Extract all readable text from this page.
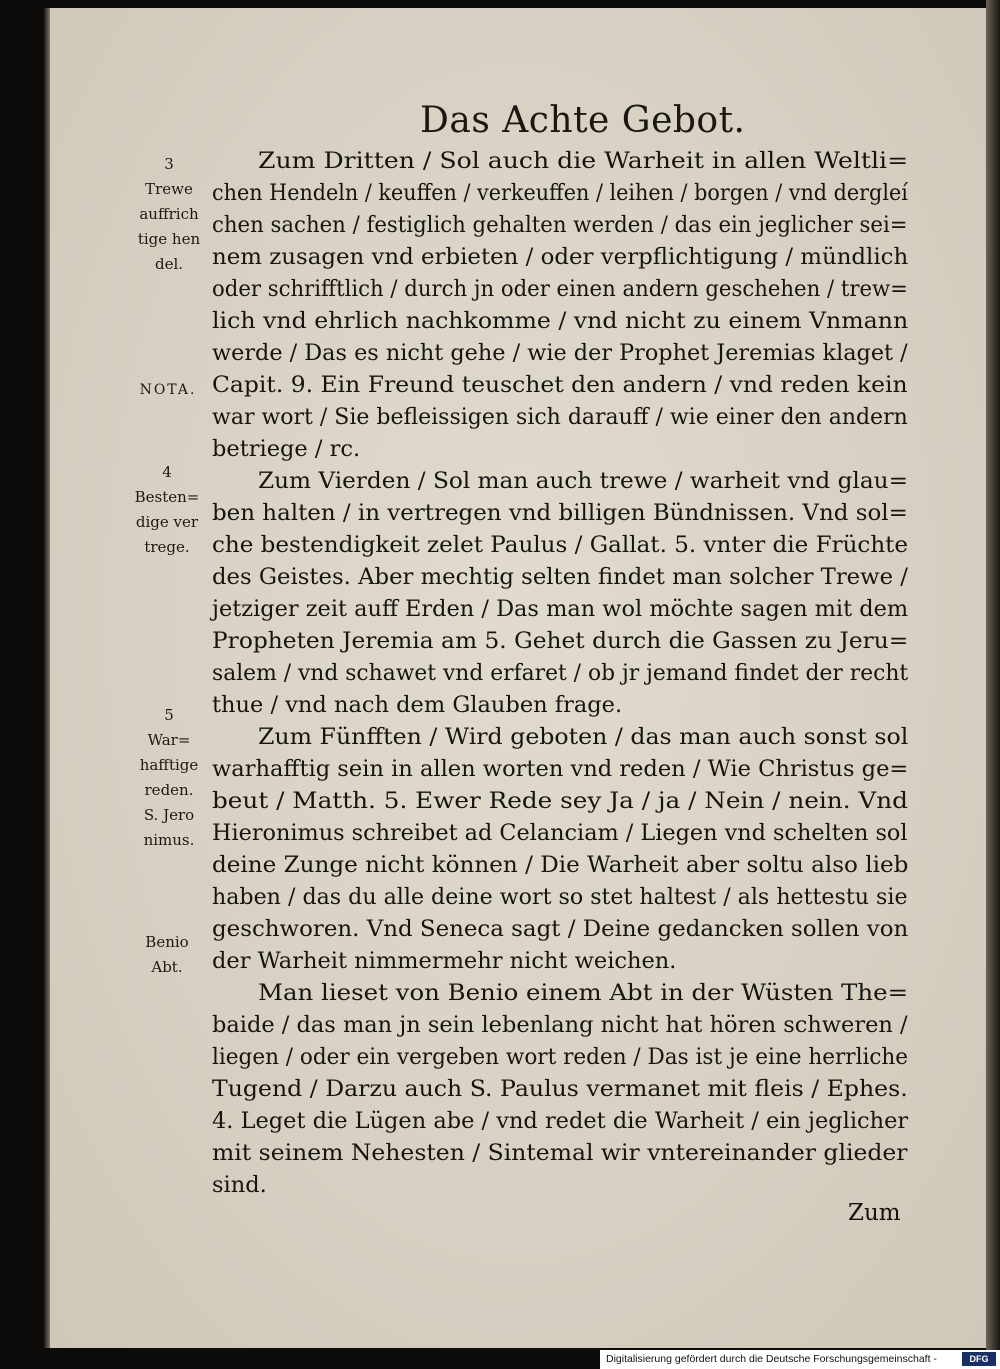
Das Achte Gebot.
3
Trewe
auffrich
tige hen
del.
NOTA.
4
Besten=
dige ver
trege.
5
War=
hafftige
reden.
S. Jero
nimus.
Benio
Abt.
Zum Dritten / Sol auch die Warheit in allen Weltli=
chen Hendeln / keuffen / verkeuffen / leihen / borgen / vnd dergleí
chen sachen / festiglich gehalten werden / das ein jeglicher sei=
nem zusagen vnd erbieten / oder verpflichtigung / mündlich
oder schrifftlich / durch jn oder einen andern geschehen / trew=
lich vnd ehrlich nachkomme / vnd nicht zu einem Vnmann
werde / Das es nicht gehe / wie der Prophet Jeremias klaget /
Capit. 9. Ein Freund teuschet den andern / vnd reden kein
war wort / Sie befleissigen sich darauff / wie einer den andern
betriege / rc.
Zum Vierden / Sol man auch trewe / warheit vnd glau=
ben halten / in vertregen vnd billigen Bündnissen. Vnd sol=
che bestendigkeit zelet Paulus / Gallat. 5. vnter die Früchte
des Geistes. Aber mechtig selten findet man solcher Trewe /
jetziger zeit auff Erden / Das man wol möchte sagen mit dem
Propheten Jeremia am 5. Gehet durch die Gassen zu Jeru=
salem / vnd schawet vnd erfaret / ob jr jemand findet der recht
thue / vnd nach dem Glauben frage.
Zum Fünfften / Wird geboten / das man auch sonst sol
warhafftig sein in allen worten vnd reden / Wie Christus ge=
beut / Matth. 5. Ewer Rede sey Ja / ja / Nein / nein. Vnd
Hieronimus schreibet ad Celanciam / Liegen vnd schelten sol
deine Zunge nicht können / Die Warheit aber soltu also lieb
haben / das du alle deine wort so stet haltest / als hettestu sie
geschworen. Vnd Seneca sagt / Deine gedancken sollen von
der Warheit nimmermehr nicht weichen.
Man lieset von Benio einem Abt in der Wüsten The=
baide / das man jn sein lebenlang nicht hat hören schweren /
liegen / oder ein vergeben wort reden / Das ist je eine herrliche
Tugend / Darzu auch S. Paulus vermanet mit fleis / Ephes.
4. Leget die Lügen abe / vnd redet die Warheit / ein jeglicher
mit seinem Nehesten / Sintemal wir vntereinander glieder
sind.
Zum
Digitalisierung gefördert durch die Deutsche Forschungsgemeinschaft -	DFG
